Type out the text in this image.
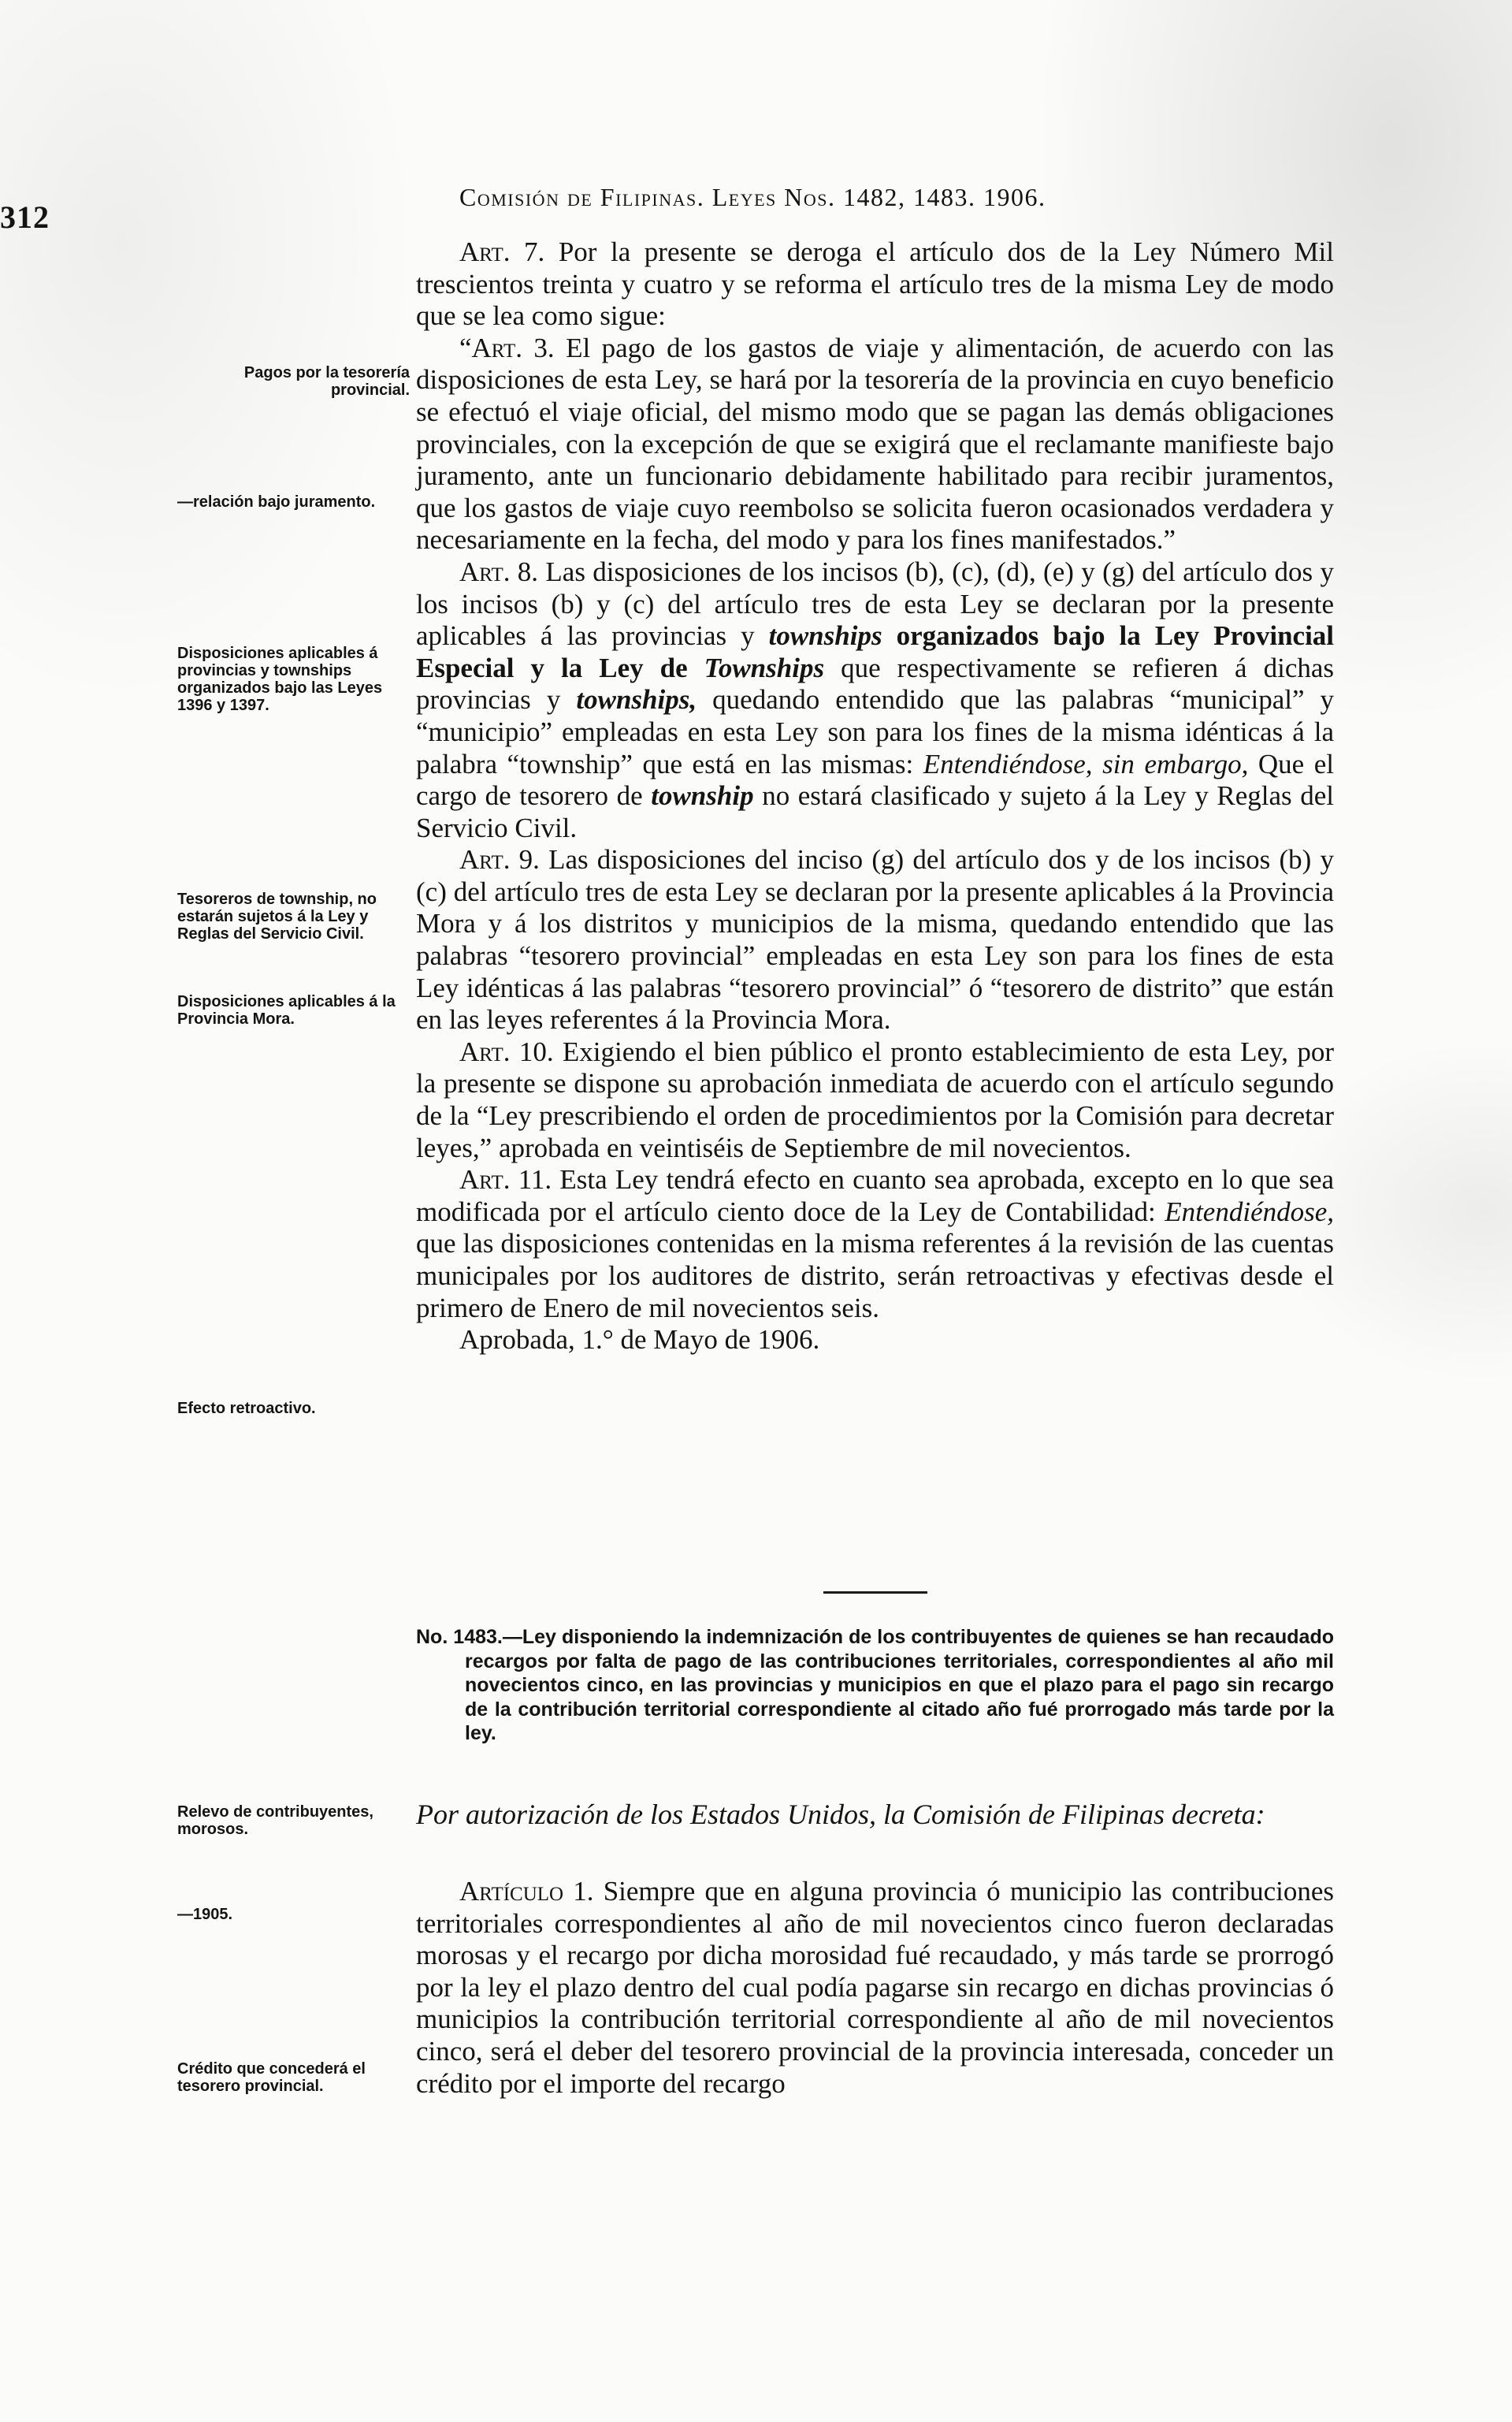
312
Comisión de Filipinas. Leyes Nos. 1482, 1483. 1906.
Pagos por la tesorería provincial.
—relación bajo juramento.
Disposiciones aplicables á provincias y townships organizados bajo las Leyes 1396 y 1397.
Tesoreros de township, no estarán sujetos á la Ley y Reglas del Servicio Civil.
Disposiciones aplicables á la Provincia Mora.
Efecto retroactivo.
Relevo de contribuyentes, morosos.
—1905.
Crédito que concederá el tesorero provincial.

Art. 7. Por la presente se deroga el artículo dos de la Ley Número Mil trescientos treinta y cuatro y se reforma el artículo tres de la misma Ley de modo que se lea como sigue:

“Art. 3. El pago de los gastos de viaje y alimentación, de acuerdo con las disposiciones de esta Ley, se hará por la tesorería de la provincia en cuyo beneficio se efectuó el viaje oficial, del mismo modo que se pagan las demás obligaciones provinciales, con la excepción de que se exigirá que el reclamante manifieste bajo juramento, ante un funcionario debidamente habilitado para recibir juramentos, que los gastos de viaje cuyo reembolso se solicita fueron ocasionados verdadera y necesariamente en la fecha, del modo y para los fines manifestados.”

Art. 8. Las disposiciones de los incisos (b), (c), (d), (e) y (g) del artículo dos y los incisos (b) y (c) del artículo tres de esta Ley se declaran por la presente aplicables á las provincias y townships organizados bajo la Ley Provincial Especial y la Ley de Townships que respectivamente se refieren á dichas provincias y townships, quedando entendido que las palabras “municipal” y “municipio” empleadas en esta Ley son para los fines de la misma idénticas á la palabra “township” que está en las mismas: Entendiéndose, sin embargo, Que el cargo de tesorero de township no estará clasificado y sujeto á la Ley y Reglas del Servicio Civil.

Art. 9. Las disposiciones del inciso (g) del artículo dos y de los incisos (b) y (c) del artículo tres de esta Ley se declaran por la presente aplicables á la Provincia Mora y á los distritos y municipios de la misma, quedando entendido que las palabras “tesorero provincial” empleadas en esta Ley son para los fines de esta Ley idénticas á las palabras “tesorero provincial” ó “tesorero de distrito” que están en las leyes referentes á la Provincia Mora.

Art. 10. Exigiendo el bien público el pronto establecimiento de esta Ley, por la presente se dispone su aprobación inmediata de acuerdo con el artículo segundo de la “Ley prescribiendo el orden de procedimientos por la Comisión para decretar leyes,” aprobada en veintiséis de Septiembre de mil novecientos.

Art. 11. Esta Ley tendrá efecto en cuanto sea aprobada, excepto en lo que sea modificada por el artículo ciento doce de la Ley de Contabilidad: Entendiéndose, que las disposiciones contenidas en la misma referentes á la revisión de las cuentas municipales por los auditores de distrito, serán retroactivas y efectivas desde el primero de Enero de mil novecientos seis.

Aprobada, 1.° de Mayo de 1906.

No. 1483.—Ley disponiendo la indemnización de los contribuyentes de quienes se han recaudado recargos por falta de pago de las contribuciones territoriales, correspondientes al año mil novecientos cinco, en las provincias y municipios en que el plazo para el pago sin recargo de la contribución territorial correspondiente al citado año fué prorrogado más tarde por la ley.
Por autorización de los Estados Unidos, la Comisión de Filipinas decreta:

Artículo 1. Siempre que en alguna provincia ó municipio las contribuciones territoriales correspondientes al año de mil novecientos cinco fueron declaradas morosas y el recargo por dicha morosidad fué recaudado, y más tarde se prorrogó por la ley el plazo dentro del cual podía pagarse sin recargo en dichas provincias ó municipios la contribución territorial correspondiente al año de mil novecientos cinco, será el deber del tesorero provincial de la provincia interesada, conceder un crédito por el importe del recargo
